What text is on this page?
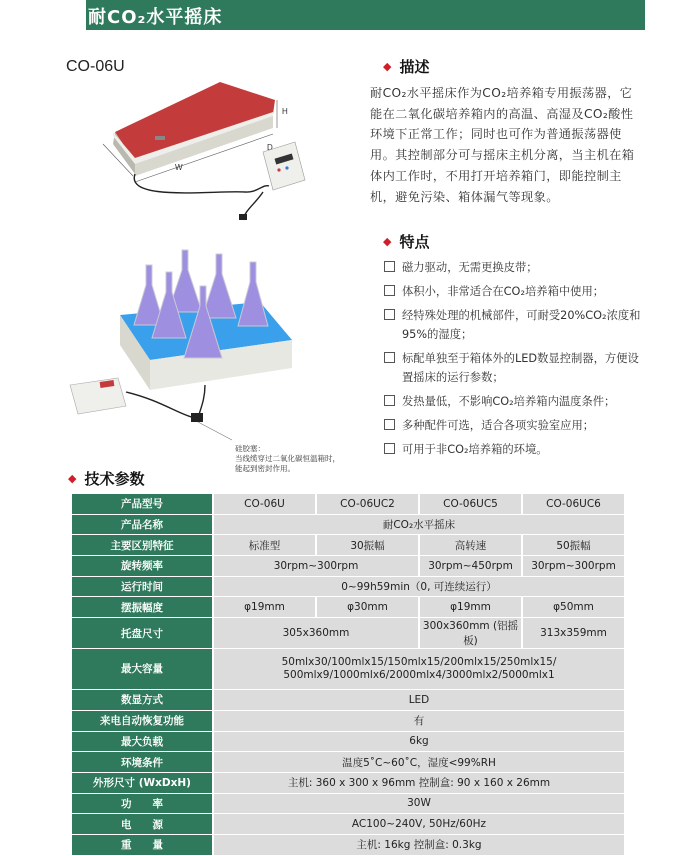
耐CO₂水平摇床
CO-06U
W
D
H
硅胶塞：
当线缆穿过二氧化碳恒温箱时，
能起到密封作用。
◆ 描述
耐CO₂水平摇床作为CO₂培养箱专用振荡器，它能在二氧化碳培养箱内的高温、高湿及CO₂酸性环境下正常工作；同时也可作为普通振荡器使用。其控制部分可与摇床主机分离，当主机在箱体内工作时，不用打开培养箱门，即能控制主机，避免污染、箱体漏气等现象。
◆ 特点
磁力驱动，无需更换皮带；
体积小，非常适合在CO₂培养箱中使用；
经特殊处理的机械部件，可耐受20%CO₂浓度和95%的湿度；
标配单独至于箱体外的LED数显控制器，方便设置摇床的运行参数；
发热量低，不影响CO₂培养箱内温度条件；
多种配件可选，适合各项实验室应用；
可用于非CO₂培养箱的环境。
◆ 技术参数
产品型号	CO-06U	CO-06UC2	CO-06UC5	CO-06UC6
产品名称	耐CO₂水平摇床			
主要区别特征	标准型	30振幅	高转速	50振幅
旋转频率	30rpm~300rpm		30rpm~450rpm	30rpm~300rpm
运行时间	0~99h59min（0, 可连续运行）			
摆振幅度	φ19mm	φ30mm	φ19mm	φ50mm
托盘尺寸	305x360mm		300x360mm (铝摇板)	313x359mm
最大容量	50mlx30/100mlx15/150mlx15/200mlx15/250mlx15/
500mlx9/1000mlx6/2000mlx4/3000mlx2/5000mlx1			

数显方式	LED			
来电自动恢复功能	有			
最大负载	6kg			
环境条件	温度5˚C~60˚C，湿度<99%RH			
外形尺寸 (WxDxH)	主机: 360 x 300 x 96mm 控制盒: 90 x 160 x 26mm			
功　　率	30W			
电　　源	AC100~240V, 50Hz/60Hz			
重　　量	主机: 16kg 控制盒: 0.3kg			
